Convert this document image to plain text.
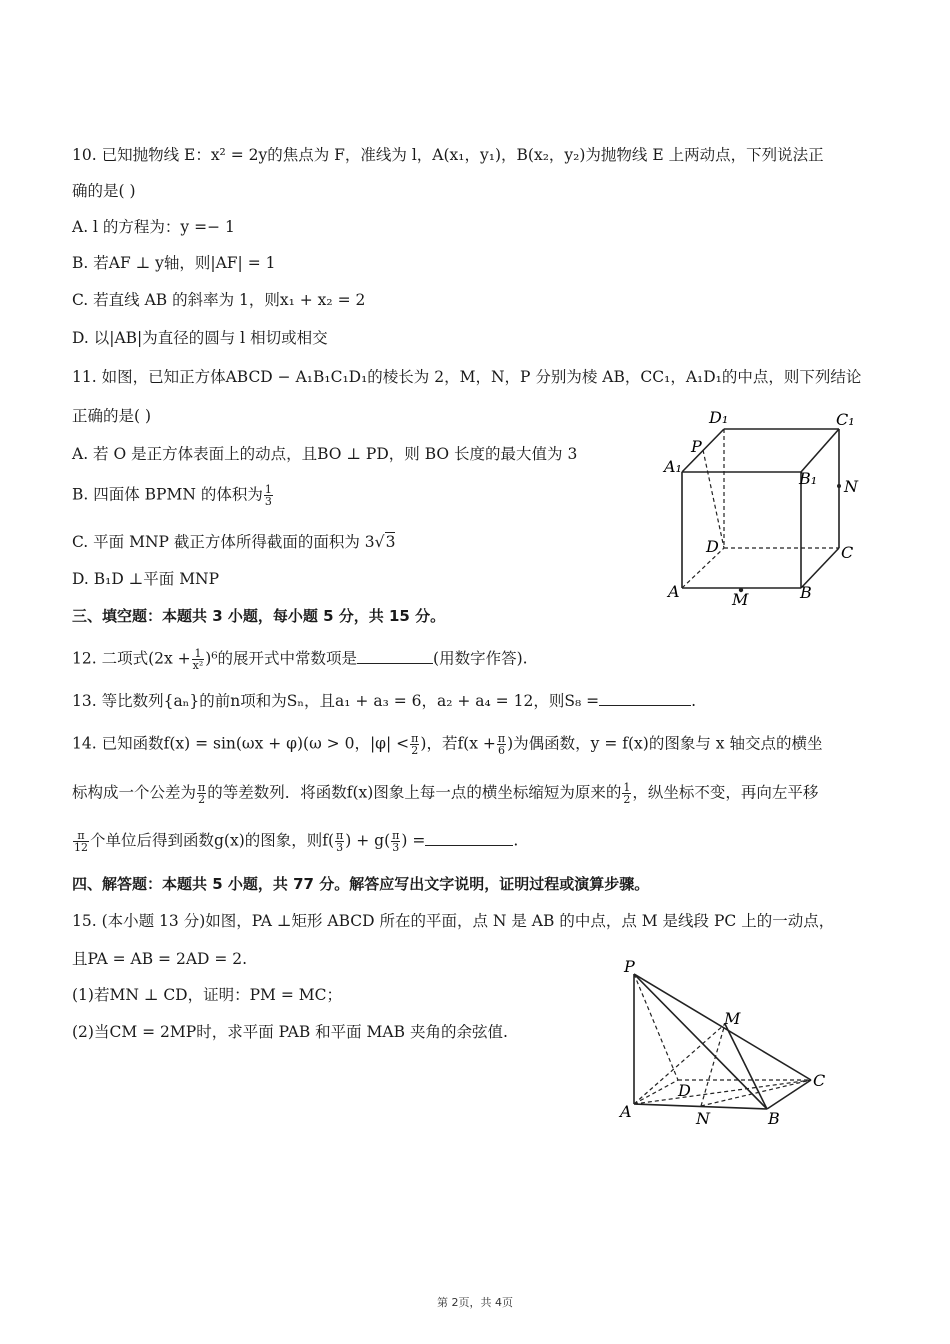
10. 已知抛物线 E：x² = 2y的焦点为 F，准线为 l，A(x₁，y₁)，B(x₂，y₂)为抛物线 E 上两动点，下列说法正
确的是( )
A. l 的方程为：y =− 1
B. 若AF ⊥ y轴，则|AF| = 1
C. 若直线 AB 的斜率为 1，则x₁ + x₂ = 2
D. 以|AB|为直径的圆与 l 相切或相交
11. 如图，已知正方体ABCD − A₁B₁C₁D₁的棱长为 2，M，N，P 分别为棱 AB，CC₁，A₁D₁的中点，则下列结论
正确的是( )
A. 若 O 是正方体表面上的动点，且BO ⊥ PD，则 BO 长度的最大值为 3
B. 四面体 BPMN 的体积为 $\frac{1}{3}$
C. 平面 MNP 截正方体所得截面的面积为 3√3
D. B₁D ⊥平面 MNP
D₁	C₁
P
A₁
B₁ N
D	C
A	M	B
三、填空题：本题共 3 小题，每小题 5 分，共 15 分。
12. 二项式$(2x + \frac{1}{\text{x²}} )^6$的展开式中常数项是	(用数字作答).
13. 等比数列{aₙ}的前n项和为Sₙ，且a₁ + a₃ = 6，a₂ + a₄ = 12，则S₈ =	.
14. 已知函数f(x) = sin(ωx + φ)(ω > 0，$|\varphi| < \frac{\pi}{2}$ )，若$f(x + \frac{\pi}{6}$ )为偶函数，y = f(x)的图象与 x 轴交点的横坐
标构成一个公差为 $\frac{\pi}{2}$ 的等差数列．将函数f(x)图象上每一点的横坐标缩短为原来的 $\frac{1}{2}$ ，纵坐标不变，再向左平移
$\frac{\pi}{12}$ 个单位后得到函数g(x)的图象，则$f( \frac{\pi}{3}$ ) + $g( \frac{\pi}{3}$ ) =	.
四、解答题：本题共 5 小题，共 77 分。解答应写出文字说明，证明过程或演算步骤。
15. (本小题 13 分)如图，PA ⊥矩形 ABCD 所在的平面，点 N 是 AB 的中点，点 M 是线段 PC 上的一动点，
且PA = AB = 2AD = 2.
(1)若MN ⊥ CD，证明：PM = MC；
(2)当CM = 2MP时，求平面 PAB 和平面 MAB 夹角的余弦值.
P
M
C
D
A	N	B
第 2页，共 4页
